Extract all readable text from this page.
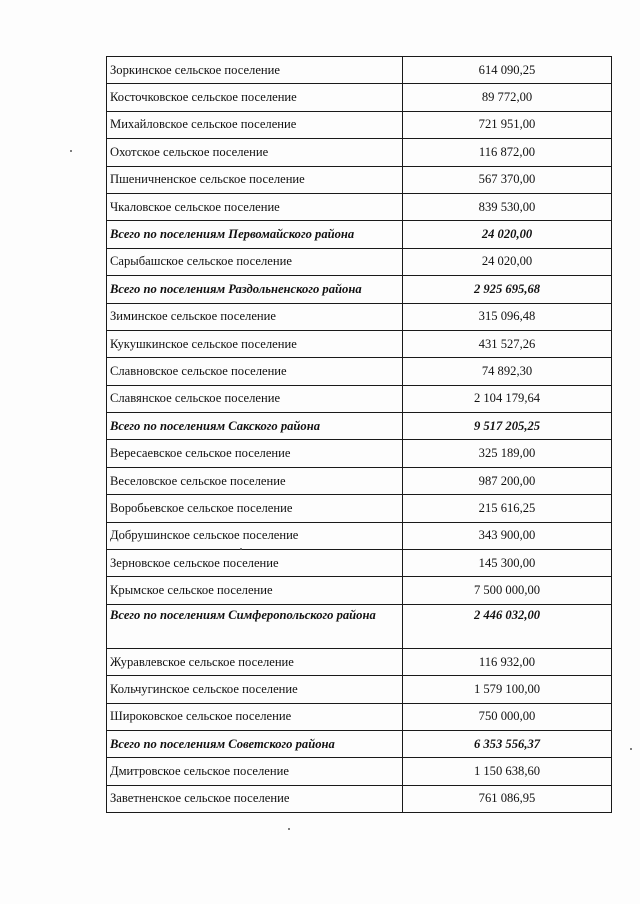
Зоркинское сельское поселение	614 090,25
Косточковское сельское поселение	89 772,00
Михайловское сельское поселение	721 951,00
Охотское сельское поселение	116 872,00
Пшеничненское сельское поселение	567 370,00
Чкаловское сельское поселение	839 530,00
Всего по поселениям Первомайского района	24 020,00
Сарыбашское сельское поселение	24 020,00
Всего по поселениям Раздольненского района	2 925 695,68
Зиминское сельское поселение	315 096,48
Кукушкинское сельское поселение	431 527,26
Славновское сельское поселение	74 892,30
Славянское сельское поселение	2 104 179,64
Всего по поселениям Сакского района	9 517 205,25
Вересаевское сельское поселение	325 189,00
Веселовское сельское поселение	987 200,00
Воробьевское сельское поселение	215 616,25
Добрушинское сельское поселение	343 900,00
Зерновское сельское поселение	145 300,00
Крымское сельское поселение	7 500 000,00
Всего по поселениям Симферопольского района	2 446 032,00
Журавлевское сельское поселение	116 932,00
Кольчугинское сельское поселение	1 579 100,00
Широковское сельское поселение	750 000,00
Всего по поселениям Советского района	6 353 556,37
Дмитровское сельское поселение	1 150 638,60
Заветненское сельское поселение	761 086,95
